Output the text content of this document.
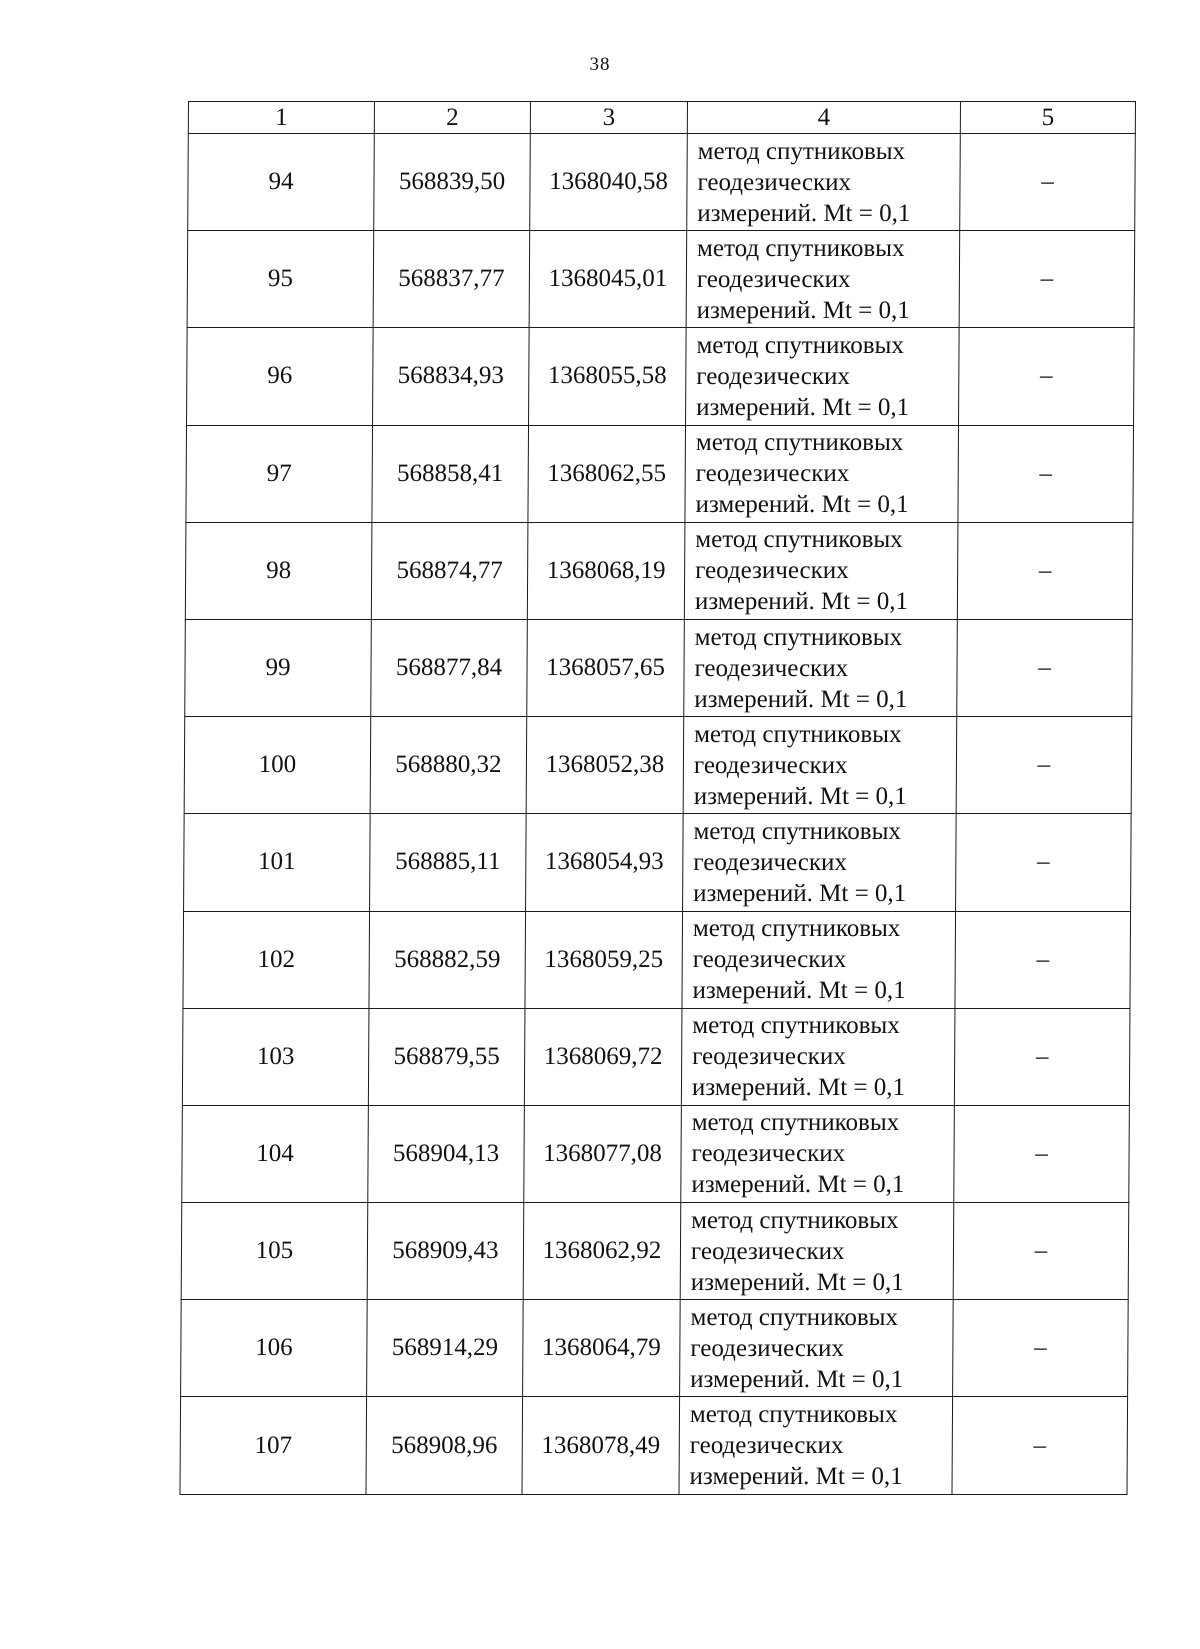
38
1	2	3	4	5
94	568839,50	1368040,58	метод спутниковых
геодезических
измерений. Mt = 0,1	–
95	568837,77	1368045,01	метод спутниковых
геодезических
измерений. Mt = 0,1	–
96	568834,93	1368055,58	метод спутниковых
геодезических
измерений. Mt = 0,1	–
97	568858,41	1368062,55	метод спутниковых
геодезических
измерений. Mt = 0,1	–
98	568874,77	1368068,19	метод спутниковых
геодезических
измерений. Mt = 0,1	–
99	568877,84	1368057,65	метод спутниковых
геодезических
измерений. Mt = 0,1	–
100	568880,32	1368052,38	метод спутниковых
геодезических
измерений. Mt = 0,1	–
101	568885,11	1368054,93	метод спутниковых
геодезических
измерений. Mt = 0,1	–
102	568882,59	1368059,25	метод спутниковых
геодезических
измерений. Mt = 0,1	–
103	568879,55	1368069,72	метод спутниковых
геодезических
измерений. Mt = 0,1	–
104	568904,13	1368077,08	метод спутниковых
геодезических
измерений. Mt = 0,1	–
105	568909,43	1368062,92	метод спутниковых
геодезических
измерений. Mt = 0,1	–
106	568914,29	1368064,79	метод спутниковых
геодезических
измерений. Mt = 0,1	–
107	568908,96	1368078,49	метод спутниковых
геодезических
измерений. Mt = 0,1	–
